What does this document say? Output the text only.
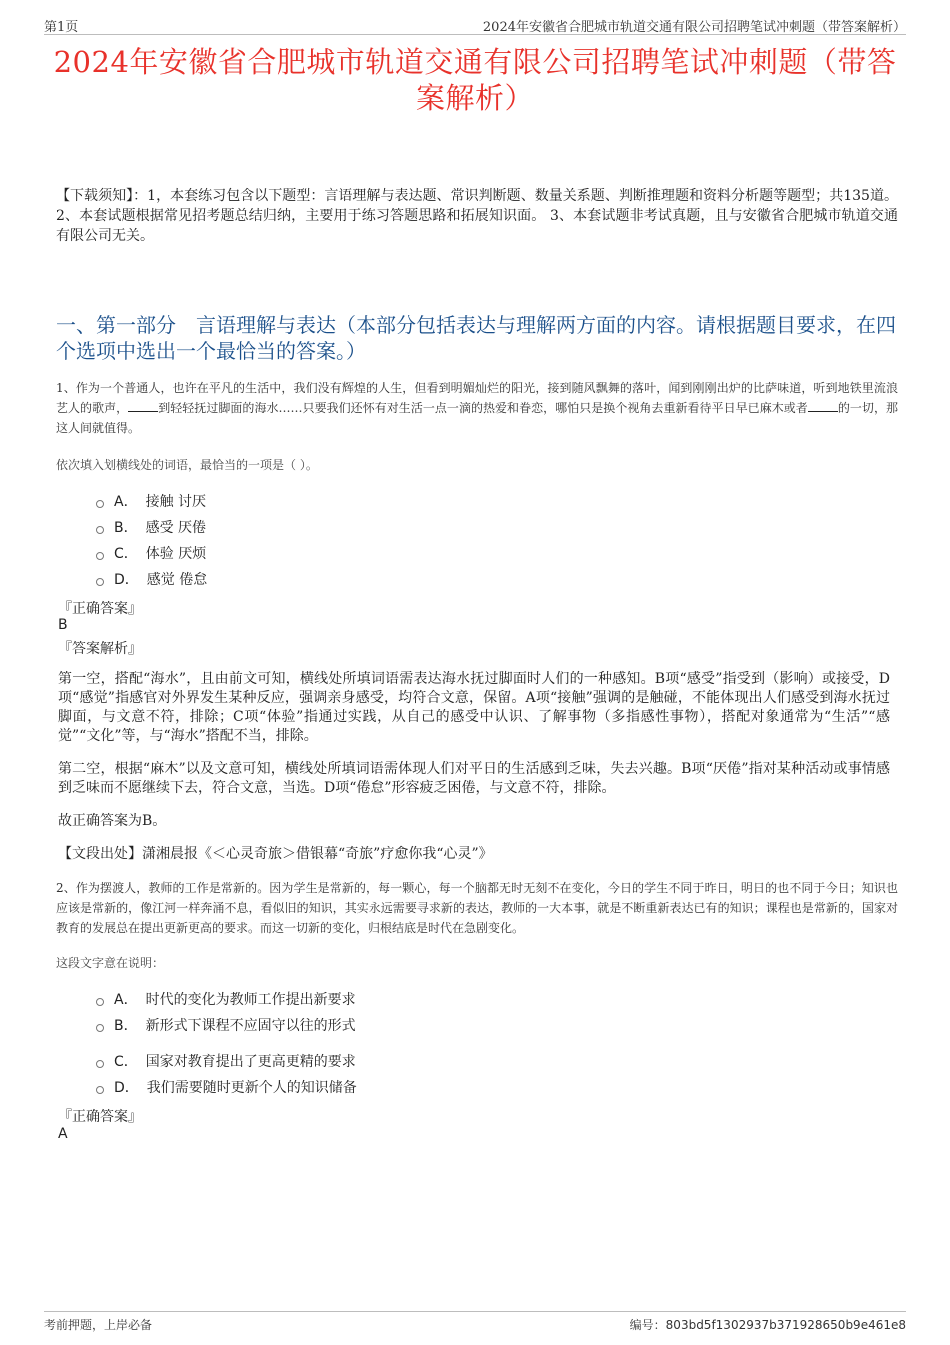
第1页	2024年安徽省合肥城市轨道交通有限公司招聘笔试冲刺题（带答案解析）
2024年安徽省合肥城市轨道交通有限公司招聘笔试冲刺题（带答案解析）
【下载须知】：1，本套练习包含以下题型：言语理解与表达题、常识判断题、数量关系题、判断推理题和资料分析题等题型；共135道。 2、本套试题根据常见招考题总结归纳，主要用于练习答题思路和拓展知识面。 3、本套试题非考试真题，且与安徽省合肥城市轨道交通有限公司无关。
一、第一部分　言语理解与表达（本部分包括表达与理解两方面的内容。请根据题目要求，在四个选项中选出一个最恰当的答案。）
1、作为一个普通人，也许在平凡的生活中，我们没有辉煌的人生，但看到明媚灿烂的阳光，接到随风飘舞的落叶，闻到刚刚出炉的比萨味道，听到地铁里流浪艺人的歌声，	到轻轻抚过脚面的海水……只要我们还怀有对生活一点一滴的热爱和眷恋，哪怕只是换个视角去重新看待平日早已麻木或者	的一切，那这人间就值得。
依次填入划横线处的词语，最恰当的一项是（ ）。
A． 接触 讨厌
B． 感受 厌倦
C． 体验 厌烦
D． 感觉 倦怠
『正确答案』
B
『答案解析』
第一空，搭配“海水”，且由前文可知，横线处所填词语需表达海水抚过脚面时人们的一种感知。B项“感受”指受到（影响）或接受，D项“感觉”指感官对外界发生某种反应，强调亲身感受，均符合文意，保留。A项“接触”强调的是触碰，不能体现出人们感受到海水抚过脚面，与文意不符，排除；C项“体验”指通过实践，从自己的感受中认识、了解事物（多指感性事物），搭配对象通常为“生活”“感觉”“文化”等，与“海水”搭配不当，排除。
第二空，根据“麻木”以及文意可知，横线处所填词语需体现人们对平日的生活感到乏味，失去兴趣。B项“厌倦”指对某种活动或事情感到乏味而不愿继续下去，符合文意，当选。D项“倦怠”形容疲乏困倦，与文意不符，排除。
故正确答案为B。
【文段出处】潇湘晨报《＜心灵奇旅＞借银幕“奇旅”疗愈你我“心灵”》
2、作为摆渡人，教师的工作是常新的。因为学生是常新的，每一颗心，每一个脑都无时无刻不在变化，今日的学生不同于昨日，明日的也不同于今日；知识也应该是常新的，像江河一样奔涌不息，看似旧的知识，其实永远需要寻求新的表达，教师的一大本事，就是不断重新表达已有的知识；课程也是常新的，国家对教育的发展总在提出更新更高的要求。而这一切新的变化，归根结底是时代在急剧变化。
这段文字意在说明：
A． 时代的变化为教师工作提出新要求
B． 新形式下课程不应固守以往的形式
C． 国家对教育提出了更高更精的要求
D． 我们需要随时更新个人的知识储备
『正确答案』
A
考前押题，上岸必备	编号：803bd5f1302937b371928650b9e461e8
